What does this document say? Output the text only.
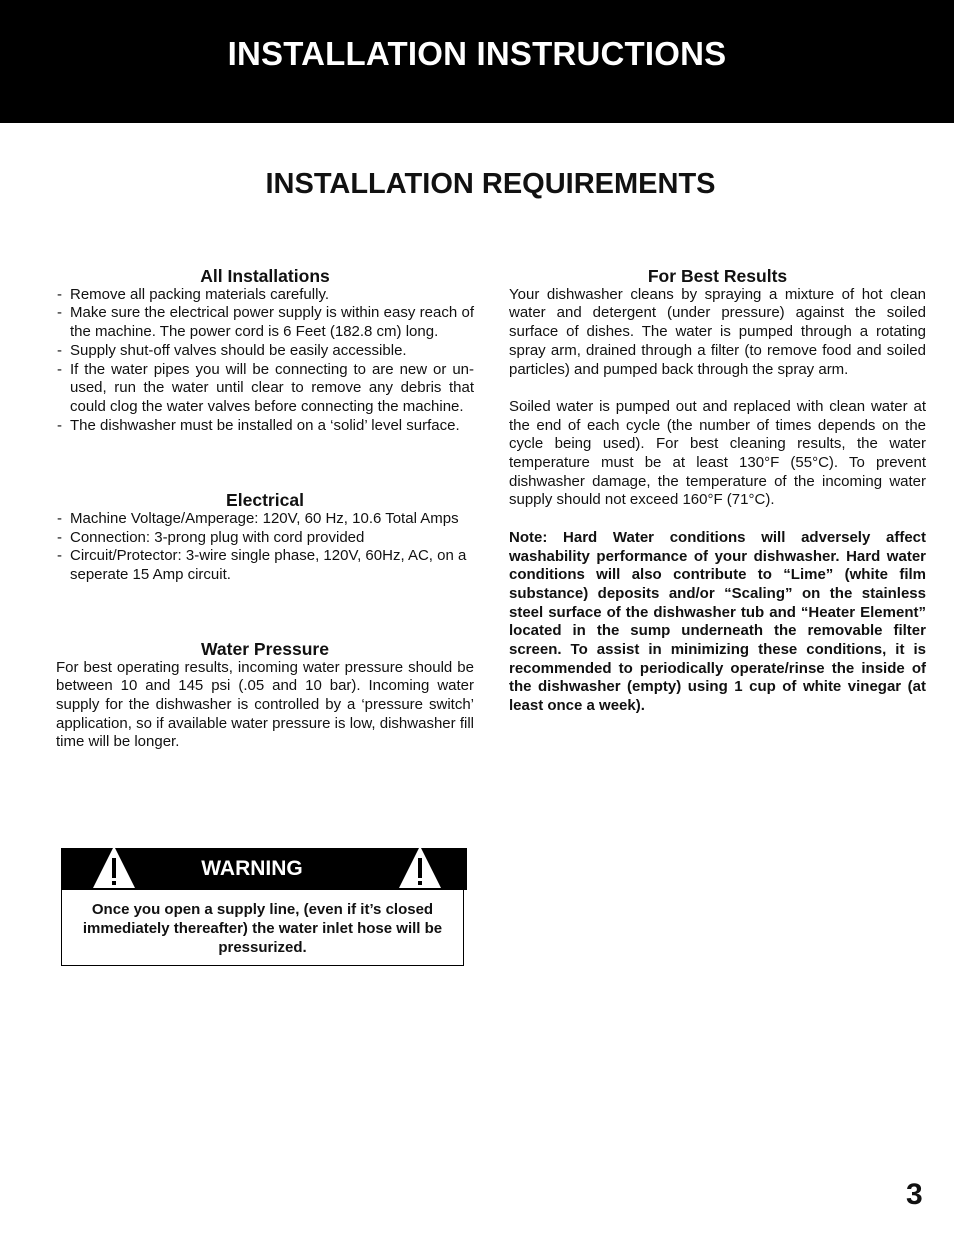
INSTALLATION INSTRUCTIONS
INSTALLATION REQUIREMENTS
All Installations
- Remove all packing materials carefully.
- Make sure the electrical power supply is within easy reach of the machine. The power cord is 6 Feet (182.8 cm) long.
- Supply shut-off valves should be easily accessible.
- If the water pipes you will be connecting to are new or un-used, run the water until clear to remove any debris that could clog the water valves before connecting the machine.
- The dishwasher must be installed on a ‘solid’ level surface.
Electrical
- Machine Voltage/Amperage: 120V, 60 Hz, 10.6 Total Amps
- Connection: 3-prong plug with cord provided
- Circuit/Protector: 3-wire single phase, 120V, 60Hz, AC, on a seperate 15 Amp circuit.
Water Pressure

For best operating results, incoming water pressure should be between 10 and 145 psi (.05 and 10 bar). Incoming water supply for the dishwasher is controlled by a ‘pressure switch’ application, so if available water pressure is low, dishwasher fill time will be longer.

For Best Results

Your dishwasher cleans by spraying a mixture of hot clean water and detergent (under pressure) against the soiled surface of dishes. The water is pumped through a rotating spray arm, drained through a filter (to remove food and soiled particles) and pumped back through the spray arm.

Soiled water is pumped out and replaced with clean water at the end of each cycle (the number of times depends on the cycle being used). For best cleaning results, the water temperature must be at least 130°F (55°C). To prevent dishwasher damage, the temperature of the incoming water supply should not exceed 160°F (71°C).

Note: Hard Water conditions will adversely affect washability performance of your dishwasher. Hard water conditions will also contribute to “Lime” (white film substance) deposits and/or “Scaling” on the stainless steel surface of the dishwasher tub and “Heater Element” located in the sump underneath the removable filter screen. To assist in minimizing these conditions, it is recommended to periodically operate/rinse the inside of the dishwasher (empty) using 1 cup of white vinegar (at least once a week).

WARNING
Once you open a supply line, (even if it’s closed immediately thereafter) the water inlet hose will be pressurized.
3
